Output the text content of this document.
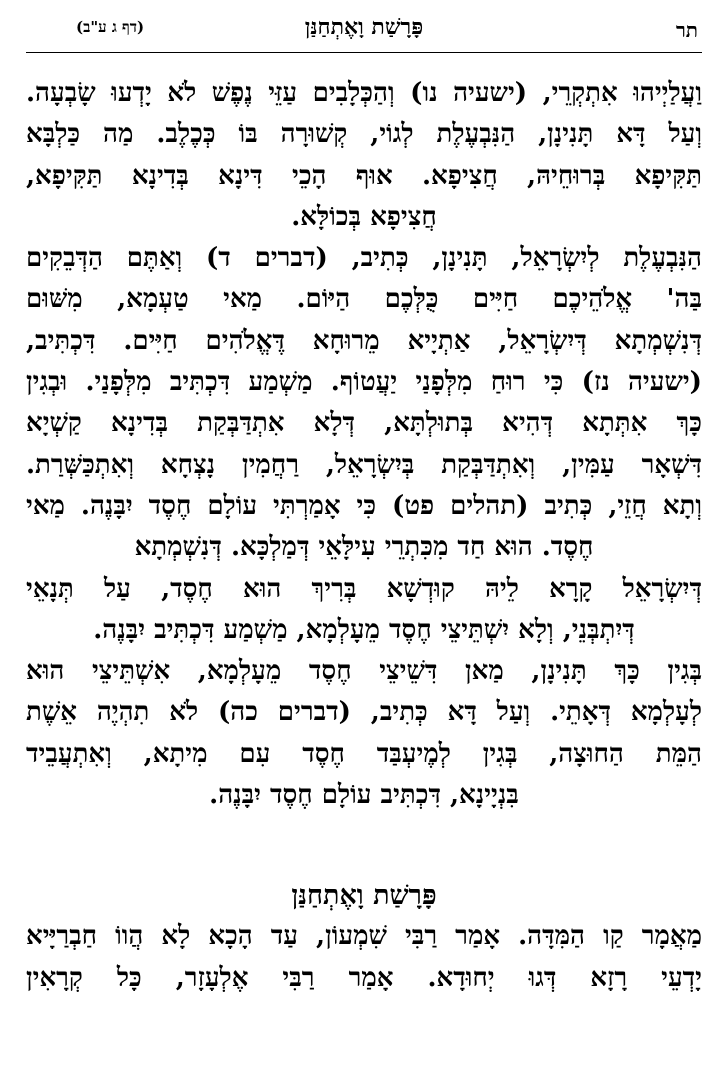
תר
פָּרָשַׁת וָאֶתְחַנַּן
(דף ג ע"ב)
וַעֲלַיְיהוּ אִתְקְרֵי, (ישעיה נו) וְהַכְּלָבִים עַזֵּי נֶפֶשׁ לֹא יָדְעוּ שָׂבְעָה.
וְעַל דָּא תָּנִינָן, הַנִּבְעֶלֶת לְגוֹי, קְשׁוּרָה בּוֹ כְּכֶלֶב. מַה כַּלְבָּא
תַּקִּיפָא בְּרוּחֵיהּ, חֲצִיפָא. אוּף הָכֵי דִּינָא בְּדִינָא תַּקִּיפָא,
חֲצִיפָא בְּכוֹלָּא.
הַנִּבְעֶלֶת לְיִשְׂרָאֵל, תָּנִינָן, כְּתִיב, (דברים ד) וְאַתֶּם הַדְּבֵקִים
בַּה' אֱלֹהֵיכֶם חַיִּים כֻּלְּכֶם הַיּוֹם. מַאי טַעְמָא, מִשּׁוּם
דְּנִשְׁמְתָא דְּיִשְׂרָאֵל, אַתְיָיא מֵרוּחָא דֶּאֱלֹהִים חַיִּים. דִּכְתִּיב,
(ישעיה נז) כִּי רוּחַ מִלְּפָנַי יַעֲטוֹף. מַשְׁמַע דִּכְתִּיב מִלְּפָנַי. וּבְגִין
כָּךְ אִתְּתָא דְּהִיא בְּתוּלְתָּא, דְּלָא אִתְדַּבְּקַת בְּדִינָא קַשְׁיָא
דִּשְׁאָר עַמִּין, וְאִתְדַּבְּקַת בְּיִשְׂרָאֵל, רַחֲמִין נָצְחָא וְאִתְכַּשְּׁרַת.
וְתָא חֲזֵי, כְּתִיב (תהלים פט) כִּי אָמַרְתִּי עוֹלָם חֶסֶד יִבָּנֶה. מַאי
חֶסֶד. הוּא חַד מִכִּתְרֵי עִילָּאֵי דְּמַלְכָּא. דְּנִשְׁמְתָא
דְּיִשְׂרָאֵל קָרָא לֵיהּ קוּדְשָׁא בְּרִיךְ הוּא חֶסֶד, עַל תְּנָאֵי
דְּיִתְבְּנֵי, וְלָא יִשְׁתֵּיצֵי חֶסֶד מֵעָלְמָא, מַשְׁמַע דִּכְתִּיב יִבָּנֶה.
בְּגִין כָּךְ תָּנִינָן, מַאן דִּשֵׁיצֵי חֶסֶד מֵעָלְמָא, אִשְׁתֵּיצֵי הוּא
לְעָלְמָא דְּאָתֵי. וְעַל דָּא כְּתִיב, (דברים כה) לֹא תִהְיֶה אֵשֶׁת
הַמֵּת הַחוּצָה, בְּגִין לְמֶיעְבַּד חֶסֶד עִם מִיתָא, וְאִתְעֲבֵיד
בִּנְיָינָא, דִּכְתִּיב עוֹלָם חֶסֶד יִבָּנֶה.
פָּרָשַׁת וָאֶתְחַנַּן
מַאֲמָר קַו הַמִּדָּה. אָמַר רַבִּי שִׁמְעוֹן, עַד הָכָא לָא הֲווֹ חַבְרַיָּיא
יָדְעֵי רָזָא דְּגוּ יְחוּדָא. אָמַר רַבִּי אֶלְעָזָר, כָּל קְרָאִין
